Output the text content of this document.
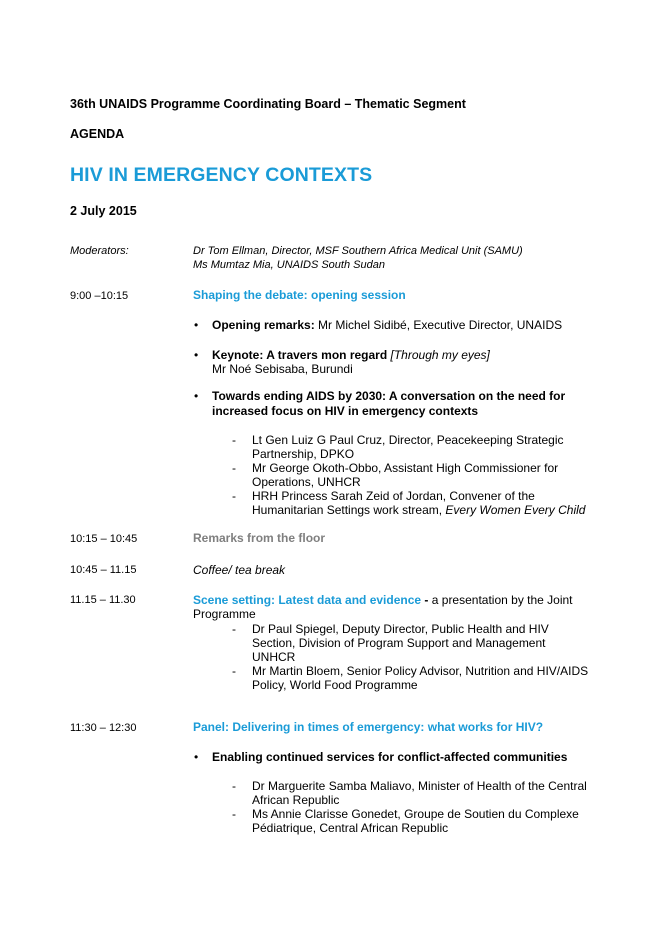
36th UNAIDS Programme Coordinating Board – Thematic Segment
AGENDA
HIV IN EMERGENCY CONTEXTS
2 July 2015
Moderators:	Dr Tom Ellman, Director, MSF Southern Africa Medical Unit (SAMU)
Ms Mumtaz Mia, UNAIDS South Sudan
9:00 –10:15	Shaping the debate: opening session
• Opening remarks: Mr Michel Sidibé, Executive Director, UNAIDS
• Keynote: A travers mon regard [Through my eyes]
Mr Noé Sebisaba, Burundi
• Towards ending AIDS by 2030: A conversation on the need for
increased focus on HIV in emergency contexts
- Lt Gen Luiz G Paul Cruz, Director, Peacekeeping Strategic
Partnership, DPKO
- Mr George Okoth-Obbo, Assistant High Commissioner for
Operations, UNHCR
- HRH Princess Sarah Zeid of Jordan, Convener of the
Humanitarian Settings work stream, Every Women Every Child
10:15 – 10:45	Remarks from the floor
10:45 – 11.15	Coffee/ tea break
11.15 – 11.30	Scene setting: Latest data and evidence - a presentation by the Joint
Programme
- Dr Paul Spiegel, Deputy Director, Public Health and HIV
Section, Division of Program Support and Management
UNHCR
- Mr Martin Bloem, Senior Policy Advisor, Nutrition and HIV/AIDS
Policy, World Food Programme
11:30 – 12:30	Panel: Delivering in times of emergency: what works for HIV?
• Enabling continued services for conflict-affected communities
- Dr Marguerite Samba Maliavo, Minister of Health of the Central
African Republic
- Ms Annie Clarisse Gonedet, Groupe de Soutien du Complexe
Pédiatrique, Central African Republic
